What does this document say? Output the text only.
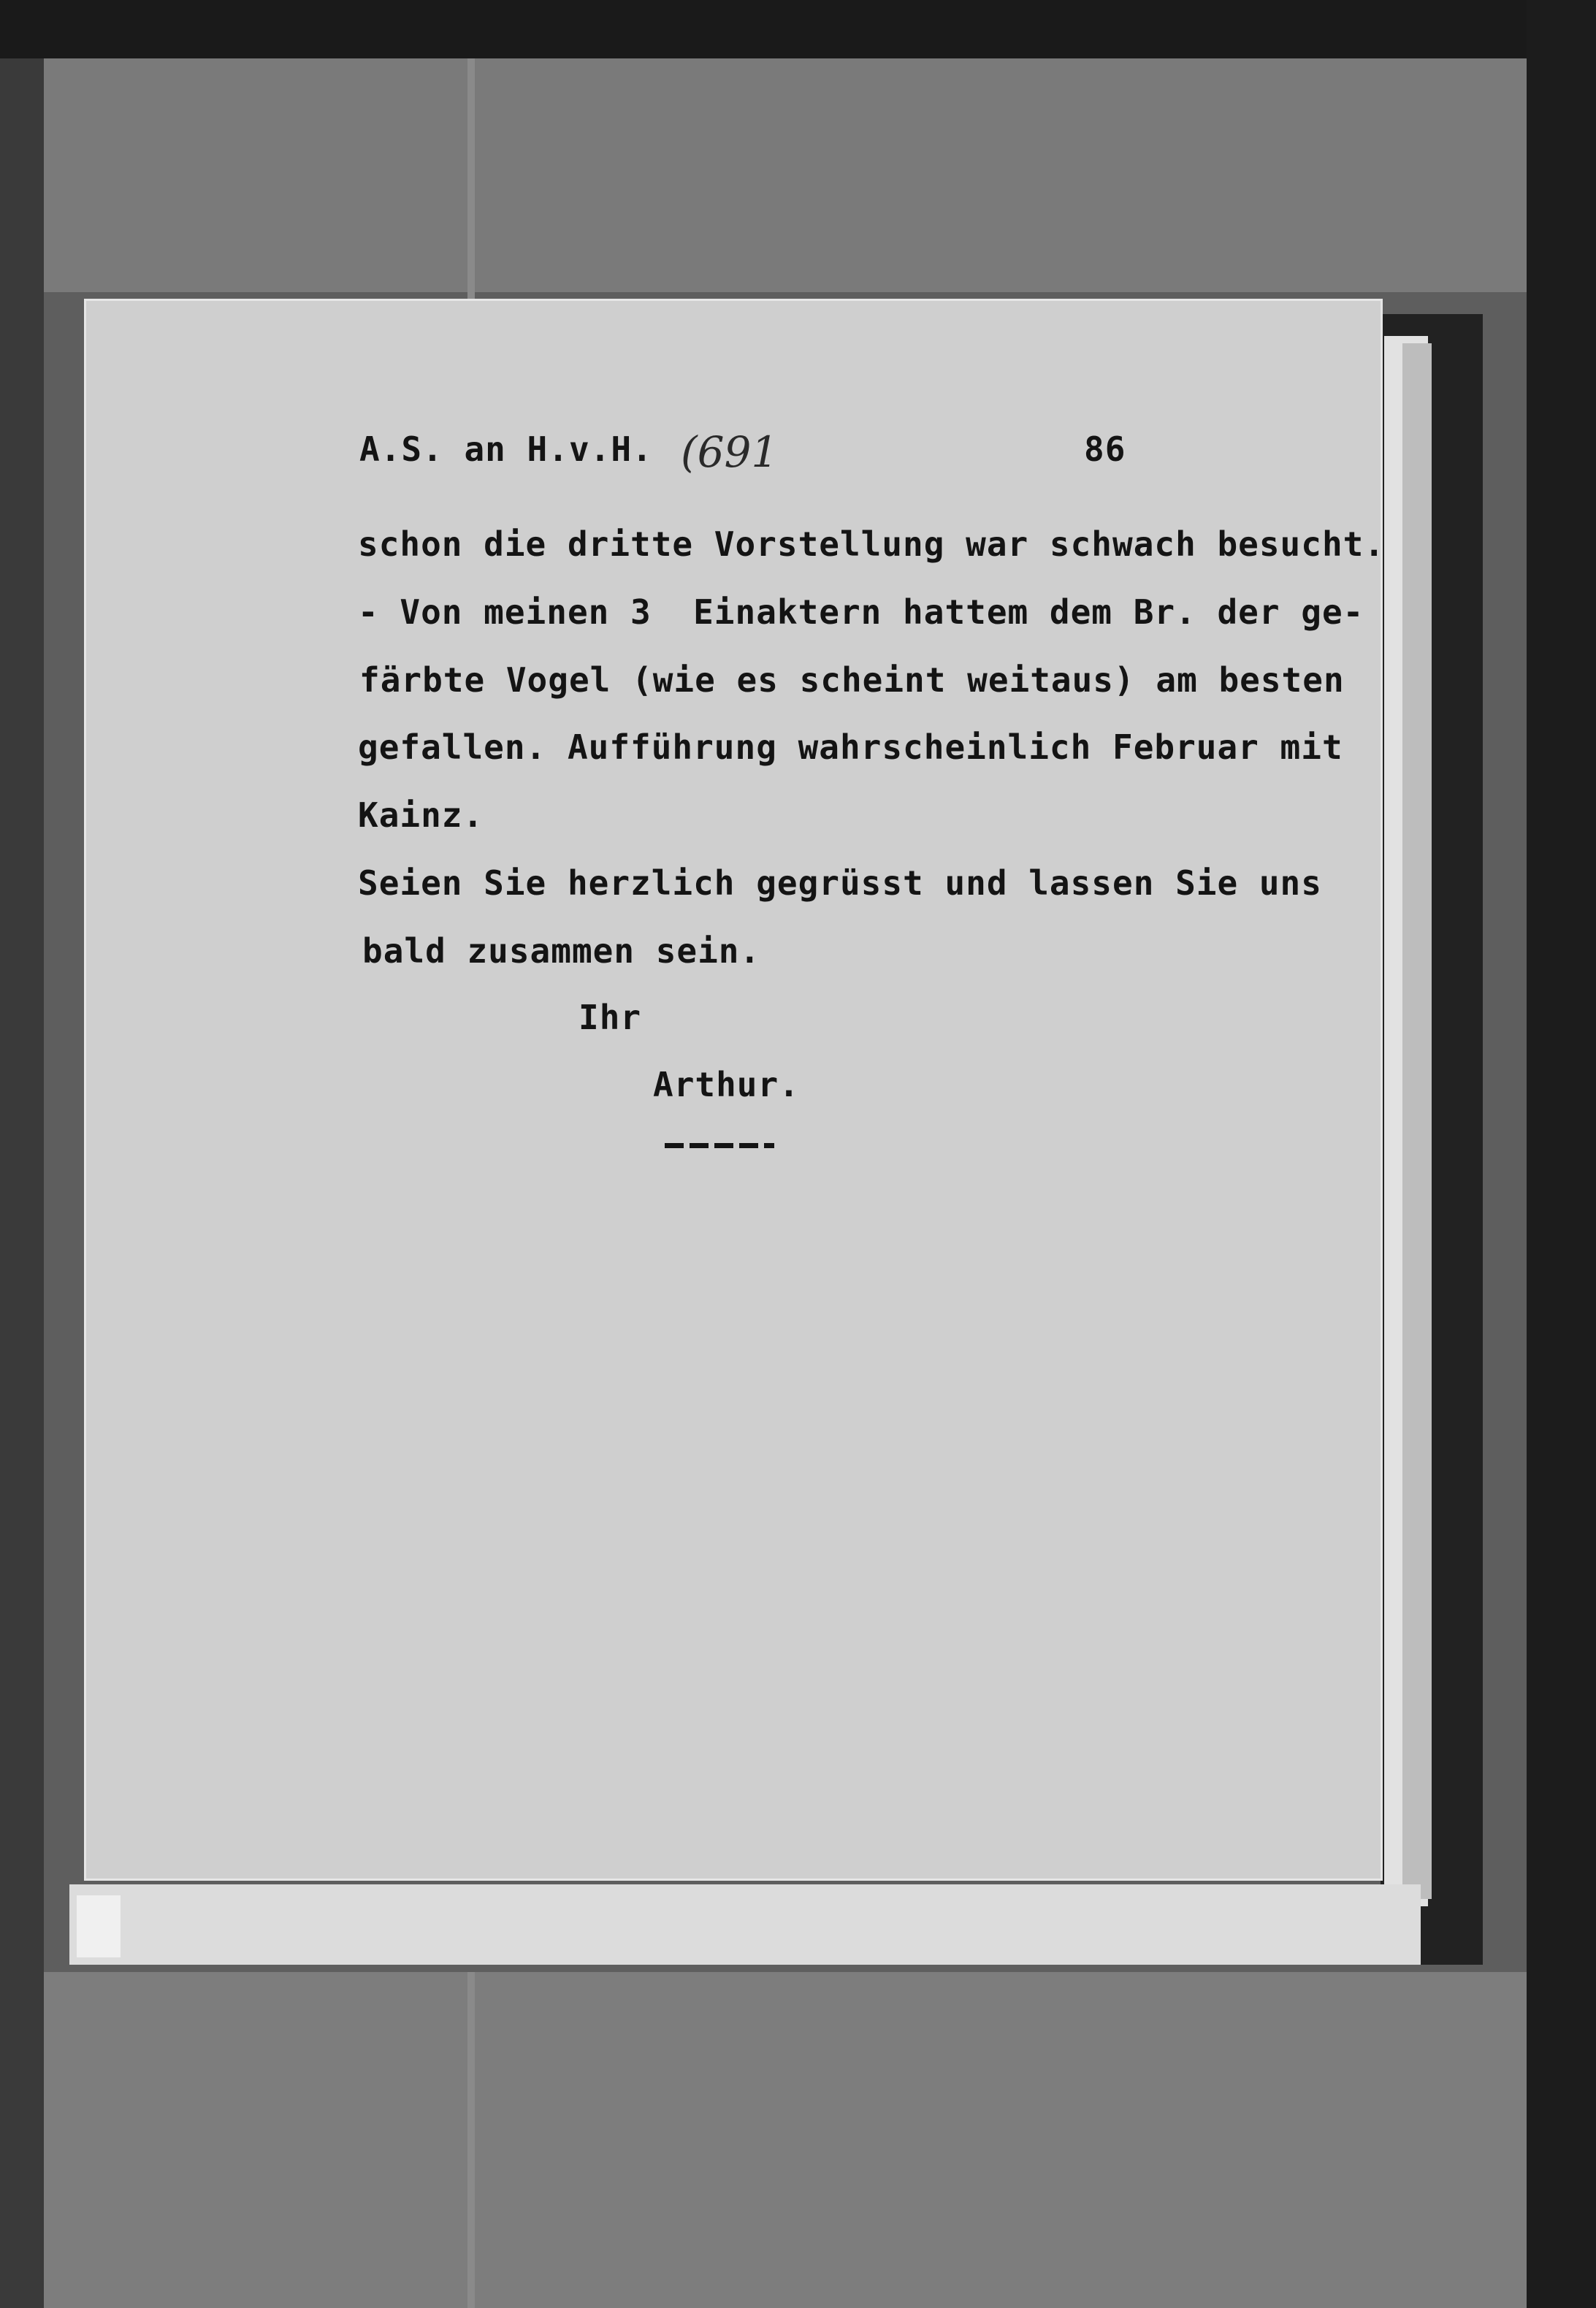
A.S. an H.v.H. (691	86
schon die dritte Vorstellung war schwach besucht.
- Von meinen 3  Einaktern hattem dem Br. der ge-
färbte Vogel (wie es scheint weitaus) am besten
gefallen. Aufführung wahrscheinlich Februar mit
Kainz.
Seien Sie herzlich gegrüsst und lassen Sie uns
bald zusammen sein.
Ihr
Arthur.
